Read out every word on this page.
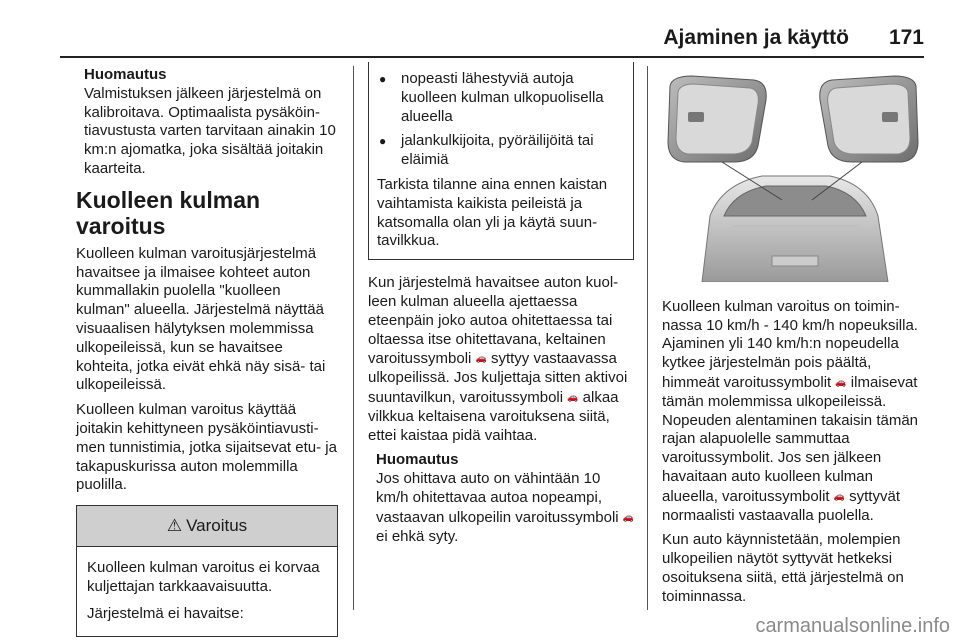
Ajaminen ja käyttö 171
Huomautus

Valmistuksen jälkeen järjestelmä on kalibroitava. Optimaalista pysäköintiavustusta varten tarvitaan ainakin 10 km:n ajomatka, joka sisältää joitakin kaarteita.

Kuolleen kulman varoitus

Kuolleen kulman varoitusjärjestelmä havaitsee ja ilmaisee kohteet auton kummallakin puolella "kuolleen kulman" alueella. Järjestelmä näyttää visuaalisen hälytyksen molemmissa ulkopeileissä, kun se havaitsee kohteita, jotka eivät ehkä näy sisä- tai ulkopeileissä.

Kuolleen kulman varoitus käyttää joitakin kehittyneen pysäköintiavustimen tunnistimia, jotka sijaitsevat etu- ja takapuskurissa auton molemmilla puolilla.

⚠ Varoitus

Kuolleen kulman varoitus ei korvaa kuljettajan tarkkaavaisuutta.

Järjestelmä ei havaitse:

● nopeasti lähestyviä autoja kuolleen kulman ulkopuolisella alueella
● jalankulkijoita, pyöräilijöitä tai eläimiä

Tarkista tilanne aina ennen kaistan vaihtamista kaikista peileistä ja katsomalla olan yli ja käytä suuntavilkkua.

Kun järjestelmä havaitsee auton kuolleen kulman alueella ajettaessa eteenpäin joko autoa ohitettaessa tai oltaessa itse ohitettavana, keltainen varoitussymboli 🚗 syttyy vastaavassa ulkopeilissä. Jos kuljettaja sitten aktivoi suuntavilkun, varoitussymboli 🚗 alkaa vilkkua keltaisena varoituksena siitä, ettei kaistaa pidä vaihtaa.

Huomautus

Jos ohittava auto on vähintään 10 km/h ohitettavaa autoa nopeampi, vastaavan ulkopeilin varoitussymboli 🚗 ei ehkä syty.

Kuolleen kulman varoitus on toiminnassa 10 km/h - 140 km/h nopeuksilla. Ajaminen yli 140 km/h:n nopeudella kytkee järjestelmän pois päältä, himmeät varoitussymbolit 🚗 ilmaisevat tämän molemmissa ulkopeileissä. Nopeuden alentaminen takaisin tämän rajan alapuolelle sammuttaa varoitussymbolit. Jos sen jälkeen havaitaan auto kuolleen kulman alueella, varoitussymbolit 🚗 syttyvät normaalisti vastaavalla puolella.

Kun auto käynnistetään, molempien ulkopeilien näytöt syttyvät hetkeksi osoituksena siitä, että järjestelmä on toiminnassa.

carmanualsonline.info
